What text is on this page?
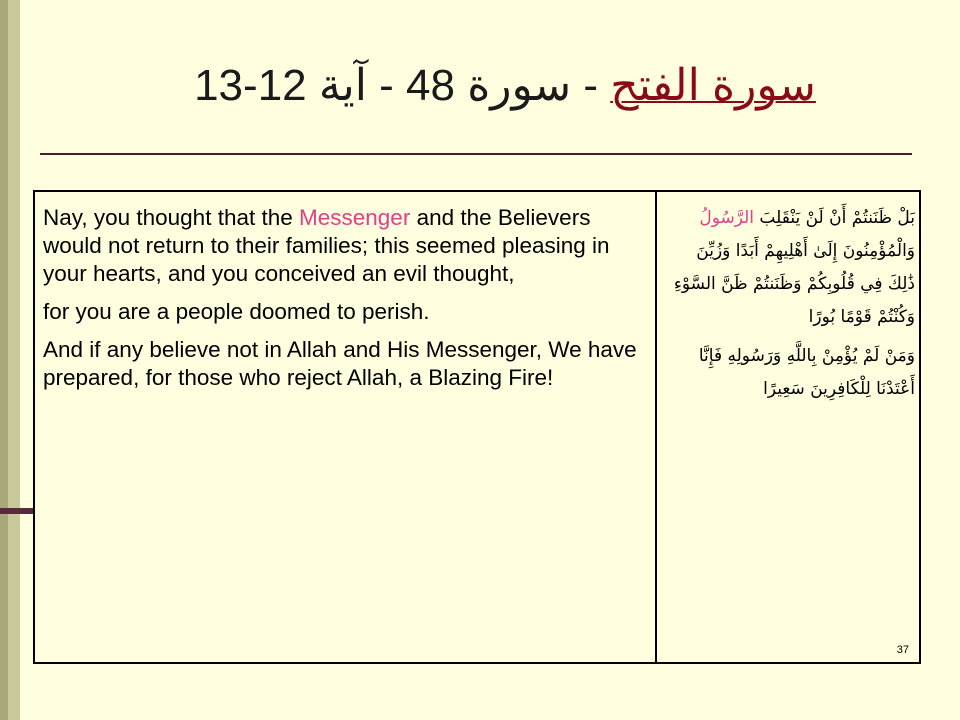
سورة الفتح - سورة 48 - آية 12-13

Nay, you thought that the Messenger and the Believers would not return to their families; this seemed pleasing in your hearts, and you conceived an evil thought,

for you are a people doomed to perish.

And if any believe not in Allah and His Messenger, We have prepared, for those who reject Allah, a Blazing Fire!

بَلْ ظَنَنتُمْ أَنْ لَنْ يَنْقَلِبَ الرَّسُولُ وَالْمُؤْمِنُونَ إِلَىٰ أَهْلِيهِمْ أَبَدًا وَزُيِّنَ ذَٰلِكَ فِي قُلُوبِكُمْ وَظَنَنتُمْ ظَنَّ السَّوْءِ وَكُنْتُمْ قَوْمًا بُورًا

وَمَنْ لَمْ يُؤْمِنْ بِاللَّهِ وَرَسُولِهِ فَإِنَّا أَعْتَدْنَا لِلْكَافِرِينَ سَعِيرًا

37
